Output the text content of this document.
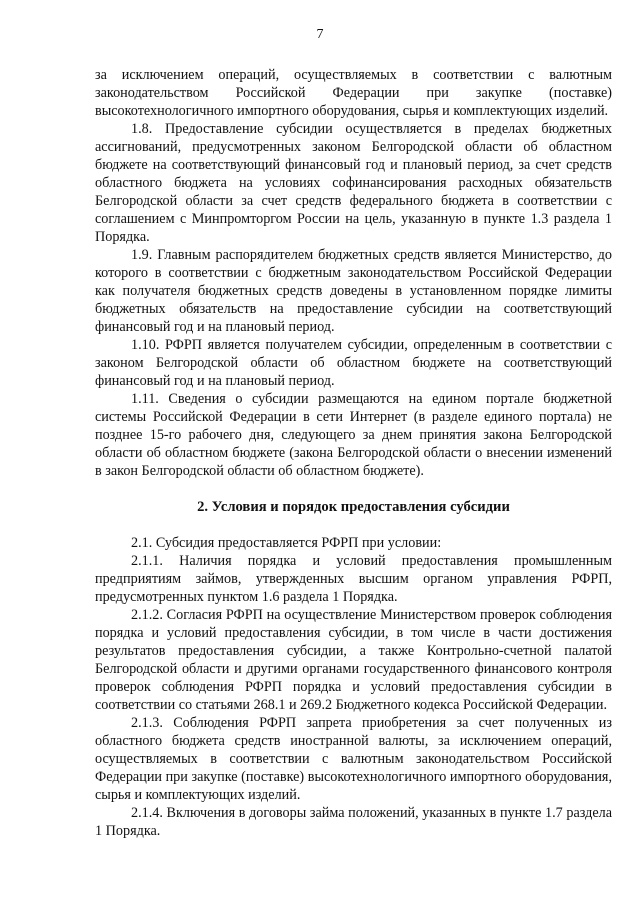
7

за исключением операций, осуществляемых в соответствии с валютным законодательством Российской Федерации при закупке (поставке) высокотехнологичного импортного оборудования, сырья и комплектующих изделий.

1.8. Предоставление субсидии осуществляется в пределах бюджетных ассигнований, предусмотренных законом Белгородской области об областном бюджете на соответствующий финансовый год и плановый период, за счет средств областного бюджета на условиях софинансирования расходных обязательств Белгородской области за счет средств федерального бюджета в соответствии с соглашением с Минпромторгом России на цель, указанную в пункте 1.3 раздела 1 Порядка.

1.9. Главным распорядителем бюджетных средств является Министерство, до которого в соответствии с бюджетным законодательством Российской Федерации как получателя бюджетных средств доведены в установленном порядке лимиты бюджетных обязательств на предоставление субсидии на соответствующий финансовый год и на плановый период.

1.10. РФРП является получателем субсидии, определенным в соответствии с законом Белгородской области об областном бюджете на соответствующий финансовый год и на плановый период.

1.11. Сведения о субсидии размещаются на едином портале бюджетной системы Российской Федерации в сети Интернет (в разделе единого портала) не позднее 15-го рабочего дня, следующего за днем принятия закона Белгородской области об областном бюджете (закона Белгородской области о внесении изменений в закон Белгородской области об областном бюджете).

2. Условия и порядок предоставления субсидии

2.1. Субсидия предоставляется РФРП при условии:

2.1.1. Наличия порядка и условий предоставления промышленным предприятиям займов, утвержденных высшим органом управления РФРП, предусмотренных пунктом 1.6 раздела 1 Порядка.

2.1.2. Согласия РФРП на осуществление Министерством проверок соблюдения порядка и условий предоставления субсидии, в том числе в части достижения результатов предоставления субсидии, а также Контрольно-счетной палатой Белгородской области и другими органами государственного финансового контроля проверок соблюдения РФРП порядка и условий предоставления субсидии в соответствии со статьями 268.1 и 269.2 Бюджетного кодекса Российской Федерации.

2.1.3. Соблюдения РФРП запрета приобретения за счет полученных из областного бюджета средств иностранной валюты, за исключением операций, осуществляемых в соответствии с валютным законодательством Российской Федерации при закупке (поставке) высокотехнологичного импортного оборудования, сырья и комплектующих изделий.

2.1.4. Включения в договоры займа положений, указанных в пункте 1.7 раздела 1 Порядка.
